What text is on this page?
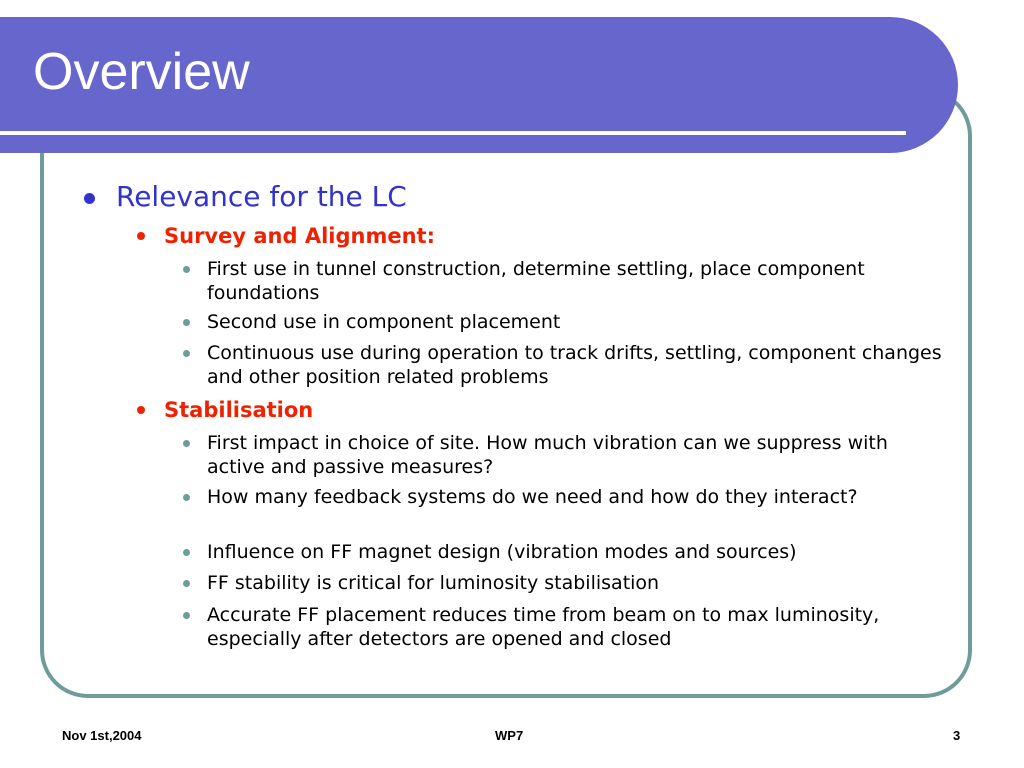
Overview
Relevance for the LC
Survey and Alignment:
First use in tunnel construction, determine settling, place component foundations
Second use in component placement
Continuous use during operation to track drifts, settling, component changes and other position related problems
Stabilisation
First impact in choice of site. How much vibration can we suppress with active and passive measures?
How many feedback systems do we need and how do they interact?
Influence on FF magnet design (vibration modes and sources)
FF stability is critical for luminosity stabilisation
Accurate FF placement reduces time from beam on to max luminosity, especially after detectors are opened and closed
Nov 1st,2004	WP7	3
